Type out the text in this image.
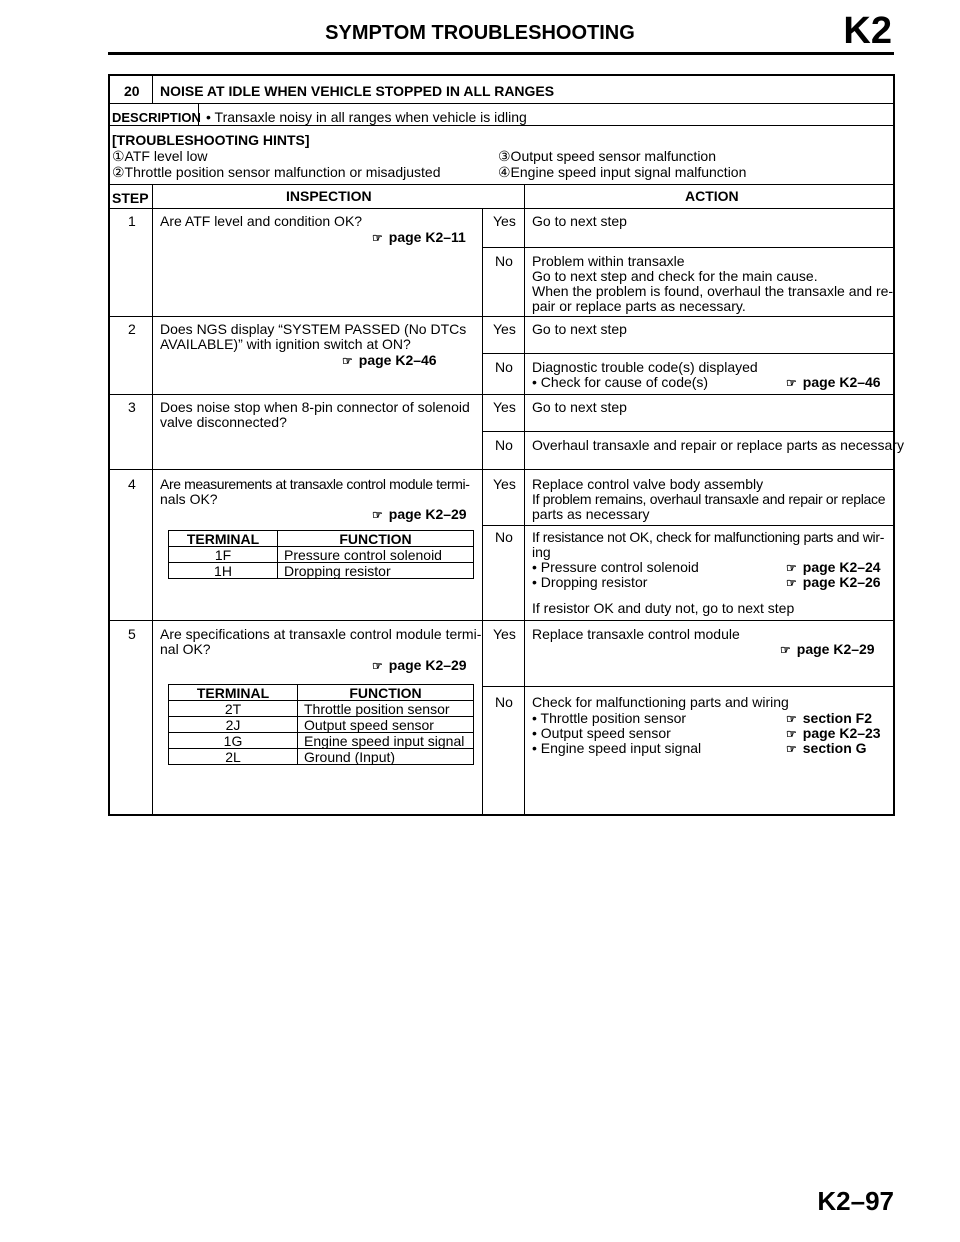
SYMPTOM TROUBLESHOOTING	K2
20 NOISE AT IDLE WHEN VEHICLE STOPPED IN ALL RANGES
DESCRIPTION • Transaxle noisy in all ranges when vehicle is idling
[TROUBLESHOOTING HINTS]
①ATF level low
②Throttle position sensor malfunction or misadjusted
③Output speed sensor malfunction
④Engine speed input signal malfunction
STEP	INSPECTION	ACTION
1 Are ATF level and condition OK?
☞ page K2–11
Yes Go to next step
No Problem within transaxle
Go to next step and check for the main cause.
When the problem is found, overhaul the transaxle and re-
pair or replace parts as necessary.
2 Does NGS display “SYSTEM PASSED (No DTCs
AVAILABLE)” with ignition switch at ON?
☞ page K2–46
Yes Go to next step
No Diagnostic trouble code(s) displayed
• Check for cause of code(s)	☞ page K2–46
3 Does noise stop when 8-pin connector of solenoid
valve disconnected?
Yes Go to next step
No Overhaul transaxle and repair or replace parts as necessary
4 Are measurements at transaxle control module termi-
nals OK?
☞ page K2–29
TERMINAL	FUNCTION
1F	Pressure control solenoid
1H	Dropping resistor
Yes Replace control valve body assembly
If problem remains, overhaul transaxle and repair or replace
parts as necessary
No If resistance not OK, check for malfunctioning parts and wir-
ing
• Pressure control solenoid	☞ page K2–24
• Dropping resistor	☞ page K2–26
If resistor OK and duty not, go to next step
5 Are specifications at transaxle control module termi-
nal OK?
☞ page K2–29
TERMINAL	FUNCTION
2T	Throttle position sensor
2J	Output speed sensor
1G	Engine speed input signal
2L	Ground (Input)
Yes Replace transaxle control module
☞ page K2–29
No Check for malfunctioning parts and wiring
• Throttle position sensor	☞ section F2
• Output speed sensor	☞ page K2–23
• Engine speed input signal	☞ section G
K2–97
